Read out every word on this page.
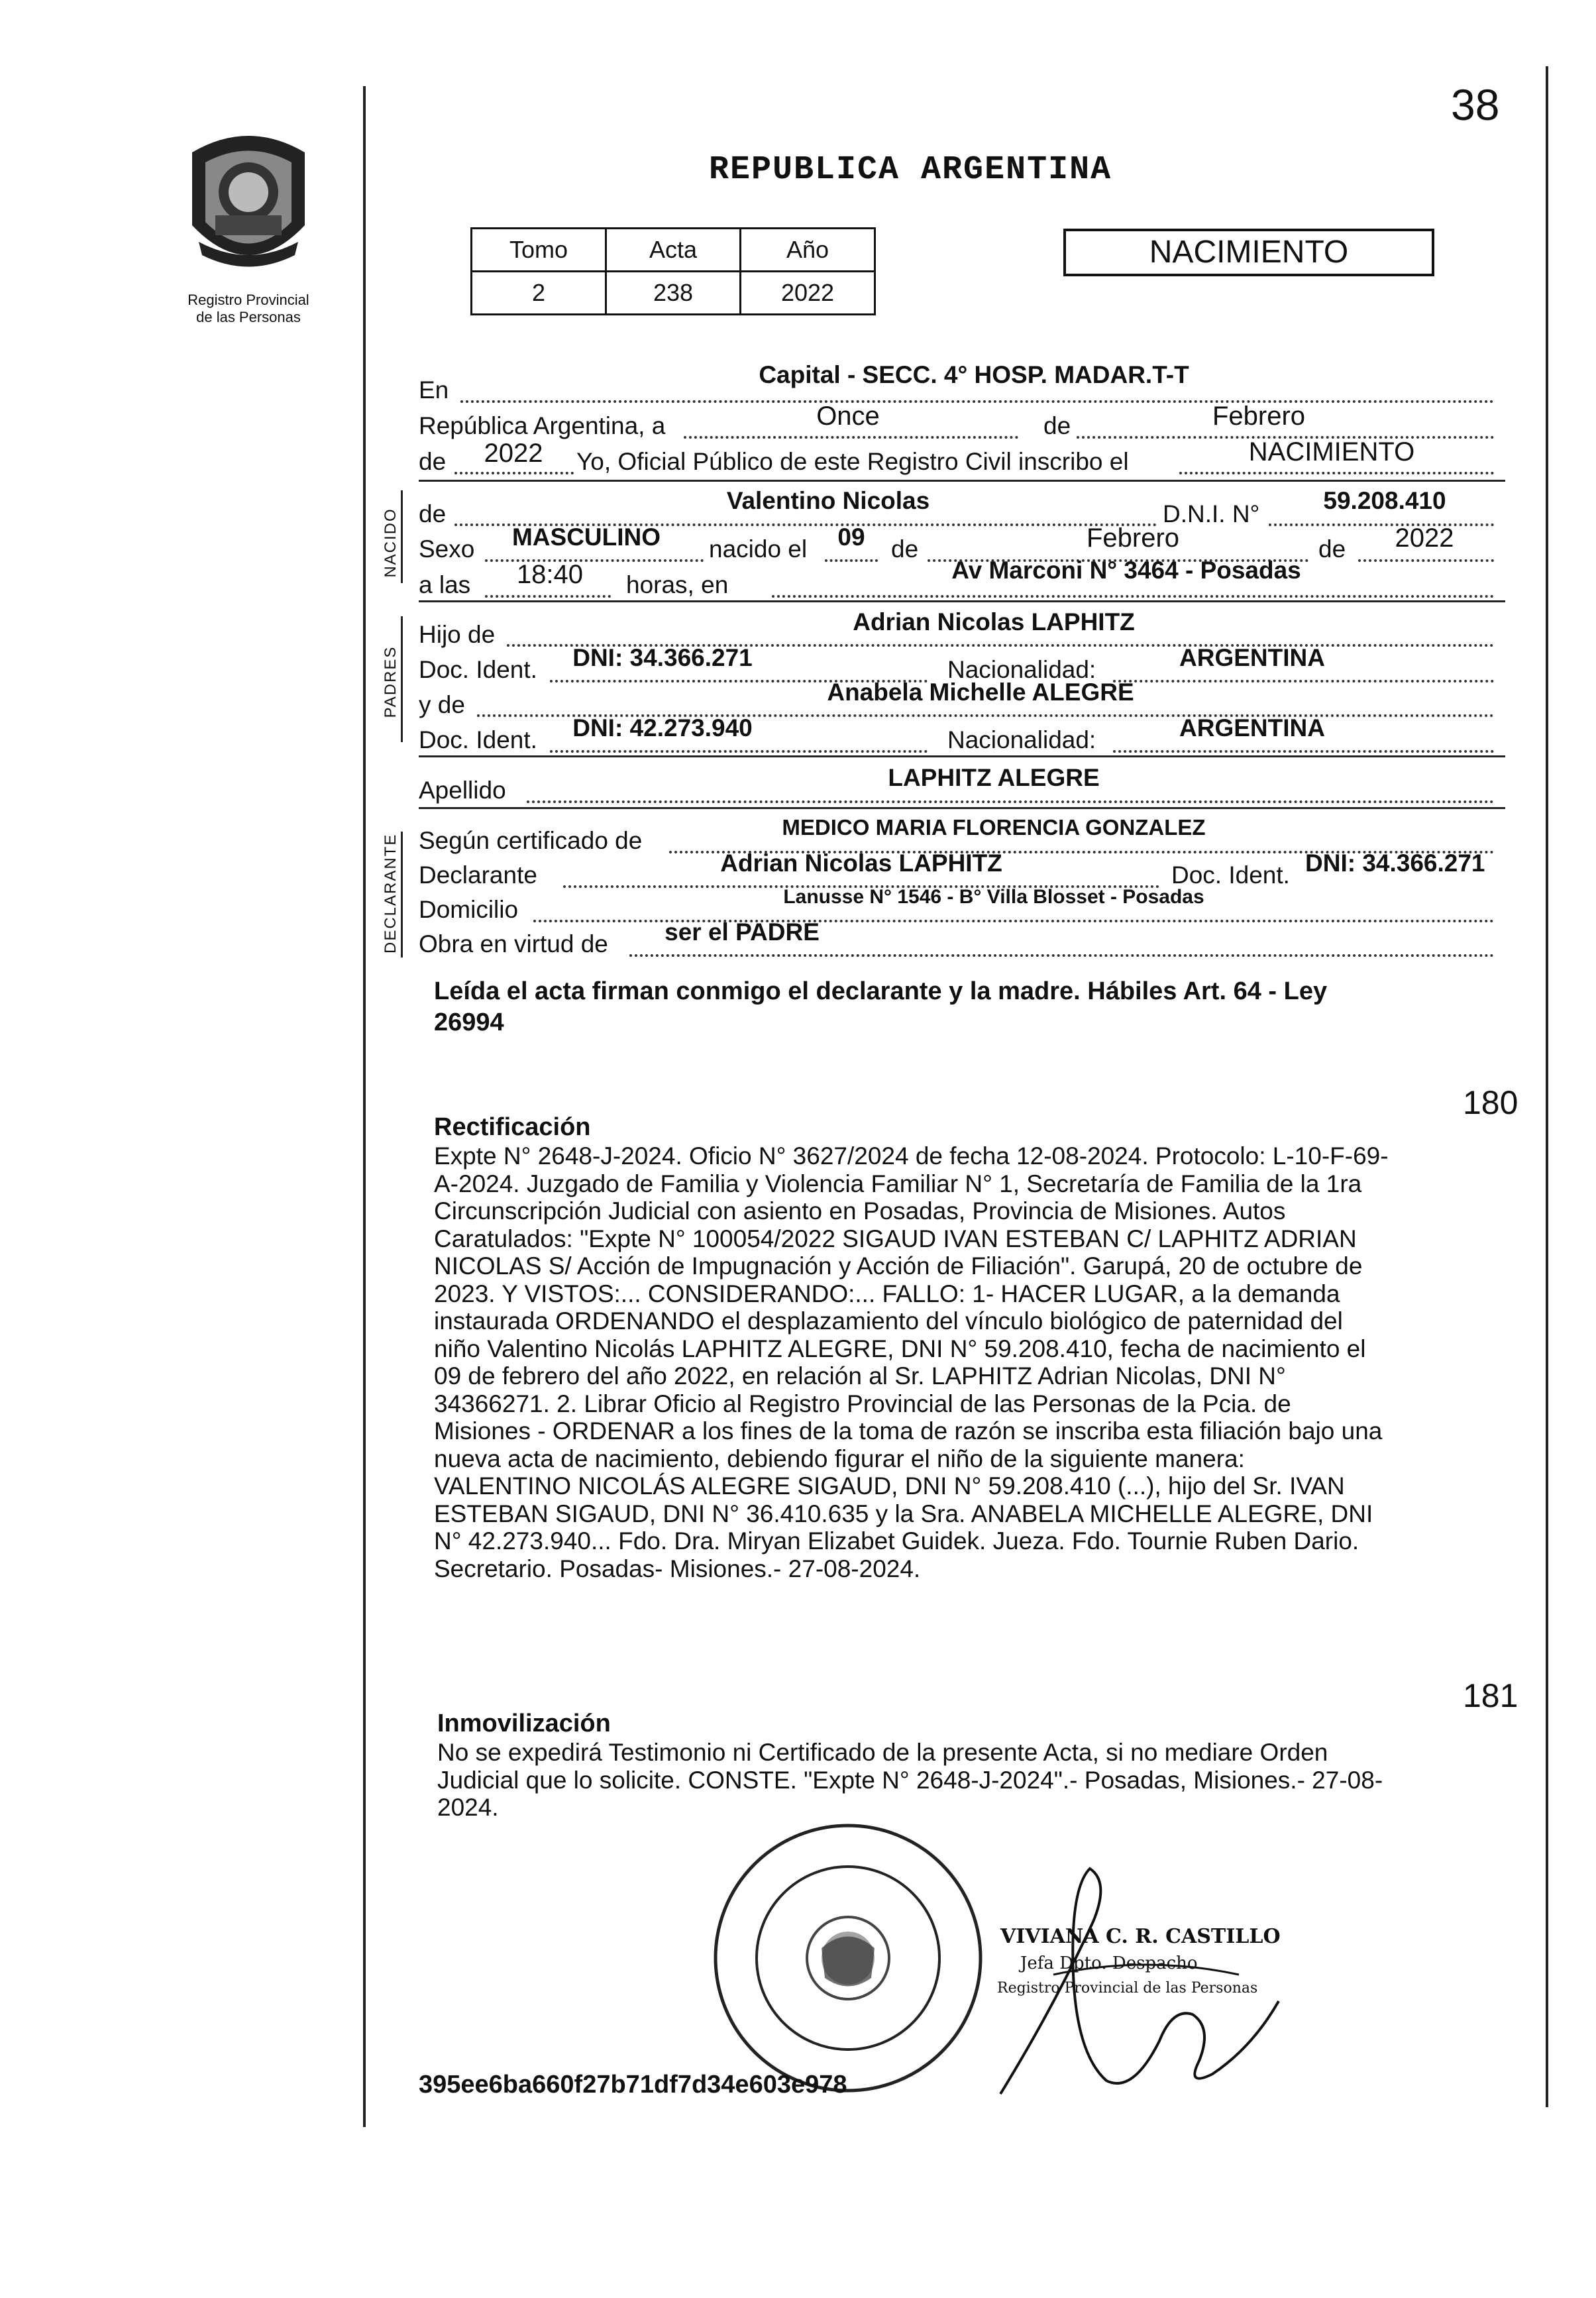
38
Registro Provincial
de las Personas
REPUBLICA ARGENTINA
Tomo	Acta	Año
2	238	2022
NACIMIENTO
NACIDO
PADRES
DECLARANTE
En
Capital - SECC. 4° HOSP. MADAR.T-T
República Argentina, a	Once	de	Febrero
de	2022	Yo, Oficial Público de este Registro Civil inscribo el	NACIMIENTO
de	Valentino Nicolas	D.N.I. N°	59.208.410
Sexo	MASCULINO	nacido el	09	de	Febrero	de	2022
a las	18:40	horas, en
Av Marconi N° 3464 - Posadas
Hijo de	Adrian Nicolas LAPHITZ
Doc. Ident.	DNI: 34.366.271	Nacionalidad:	ARGENTINA
y de	Anabela Michelle ALEGRE
Doc. Ident.	DNI: 42.273.940	Nacionalidad:	ARGENTINA
Apellido	LAPHITZ ALEGRE
Según certificado de	MEDICO MARIA FLORENCIA GONZALEZ
Declarante	Adrian Nicolas LAPHITZ	Doc. Ident. DNI: 34.366.271
Domicilio	Lanusse N° 1546 - B° Villa Blosset - Posadas
Obra en virtud de	ser el PADRE
Leída el acta firman conmigo el declarante y la madre. Hábiles Art. 64 - Ley
26994
180
Rectificación
Expte N° 2648-J-2024. Oficio N° 3627/2024 de fecha 12-08-2024. Protocolo: L-10-F-69-
A-2024. Juzgado de Familia y Violencia Familiar N° 1, Secretaría de Familia de la 1ra
Circunscripción Judicial con asiento en Posadas, Provincia de Misiones. Autos
Caratulados: "Expte N° 100054/2022 SIGAUD IVAN ESTEBAN C/ LAPHITZ ADRIAN
NICOLAS S/ Acción de Impugnación y Acción de Filiación". Garupá, 20 de octubre de
2023. Y VISTOS:... CONSIDERANDO:... FALLO: 1- HACER LUGAR, a la demanda
instaurada ORDENANDO el desplazamiento del vínculo biológico de paternidad del
niño Valentino Nicolás LAPHITZ ALEGRE, DNI N° 59.208.410, fecha de nacimiento el
09 de febrero del año 2022, en relación al Sr. LAPHITZ Adrian Nicolas, DNI N°
34366271. 2. Librar Oficio al Registro Provincial de las Personas de la Pcia. de
Misiones - ORDENAR a los fines de la toma de razón se inscriba esta filiación bajo una
nueva acta de nacimiento, debiendo figurar el niño de la siguiente manera:
VALENTINO NICOLÁS ALEGRE SIGAUD, DNI N° 59.208.410 (...), hijo del Sr. IVAN
ESTEBAN SIGAUD, DNI N° 36.410.635 y la Sra. ANABELA MICHELLE ALEGRE, DNI
N° 42.273.940... Fdo. Dra. Miryan Elizabet Guidek. Jueza. Fdo. Tournie Ruben Dario.
Secretario. Posadas- Misiones.- 27-08-2024.
181
Inmovilización
No se expedirá Testimonio ni Certificado de la presente Acta, si no mediare Orden
Judicial que lo solicite. CONSTE. "Expte N° 2648-J-2024".- Posadas, Misiones.- 27-08-
2024.
VIVIANA C. R. CASTILLO
Jefa Dpto. Despacho
Registro Provincial de las Personas
395ee6ba660f27b71df7d34e603e978
